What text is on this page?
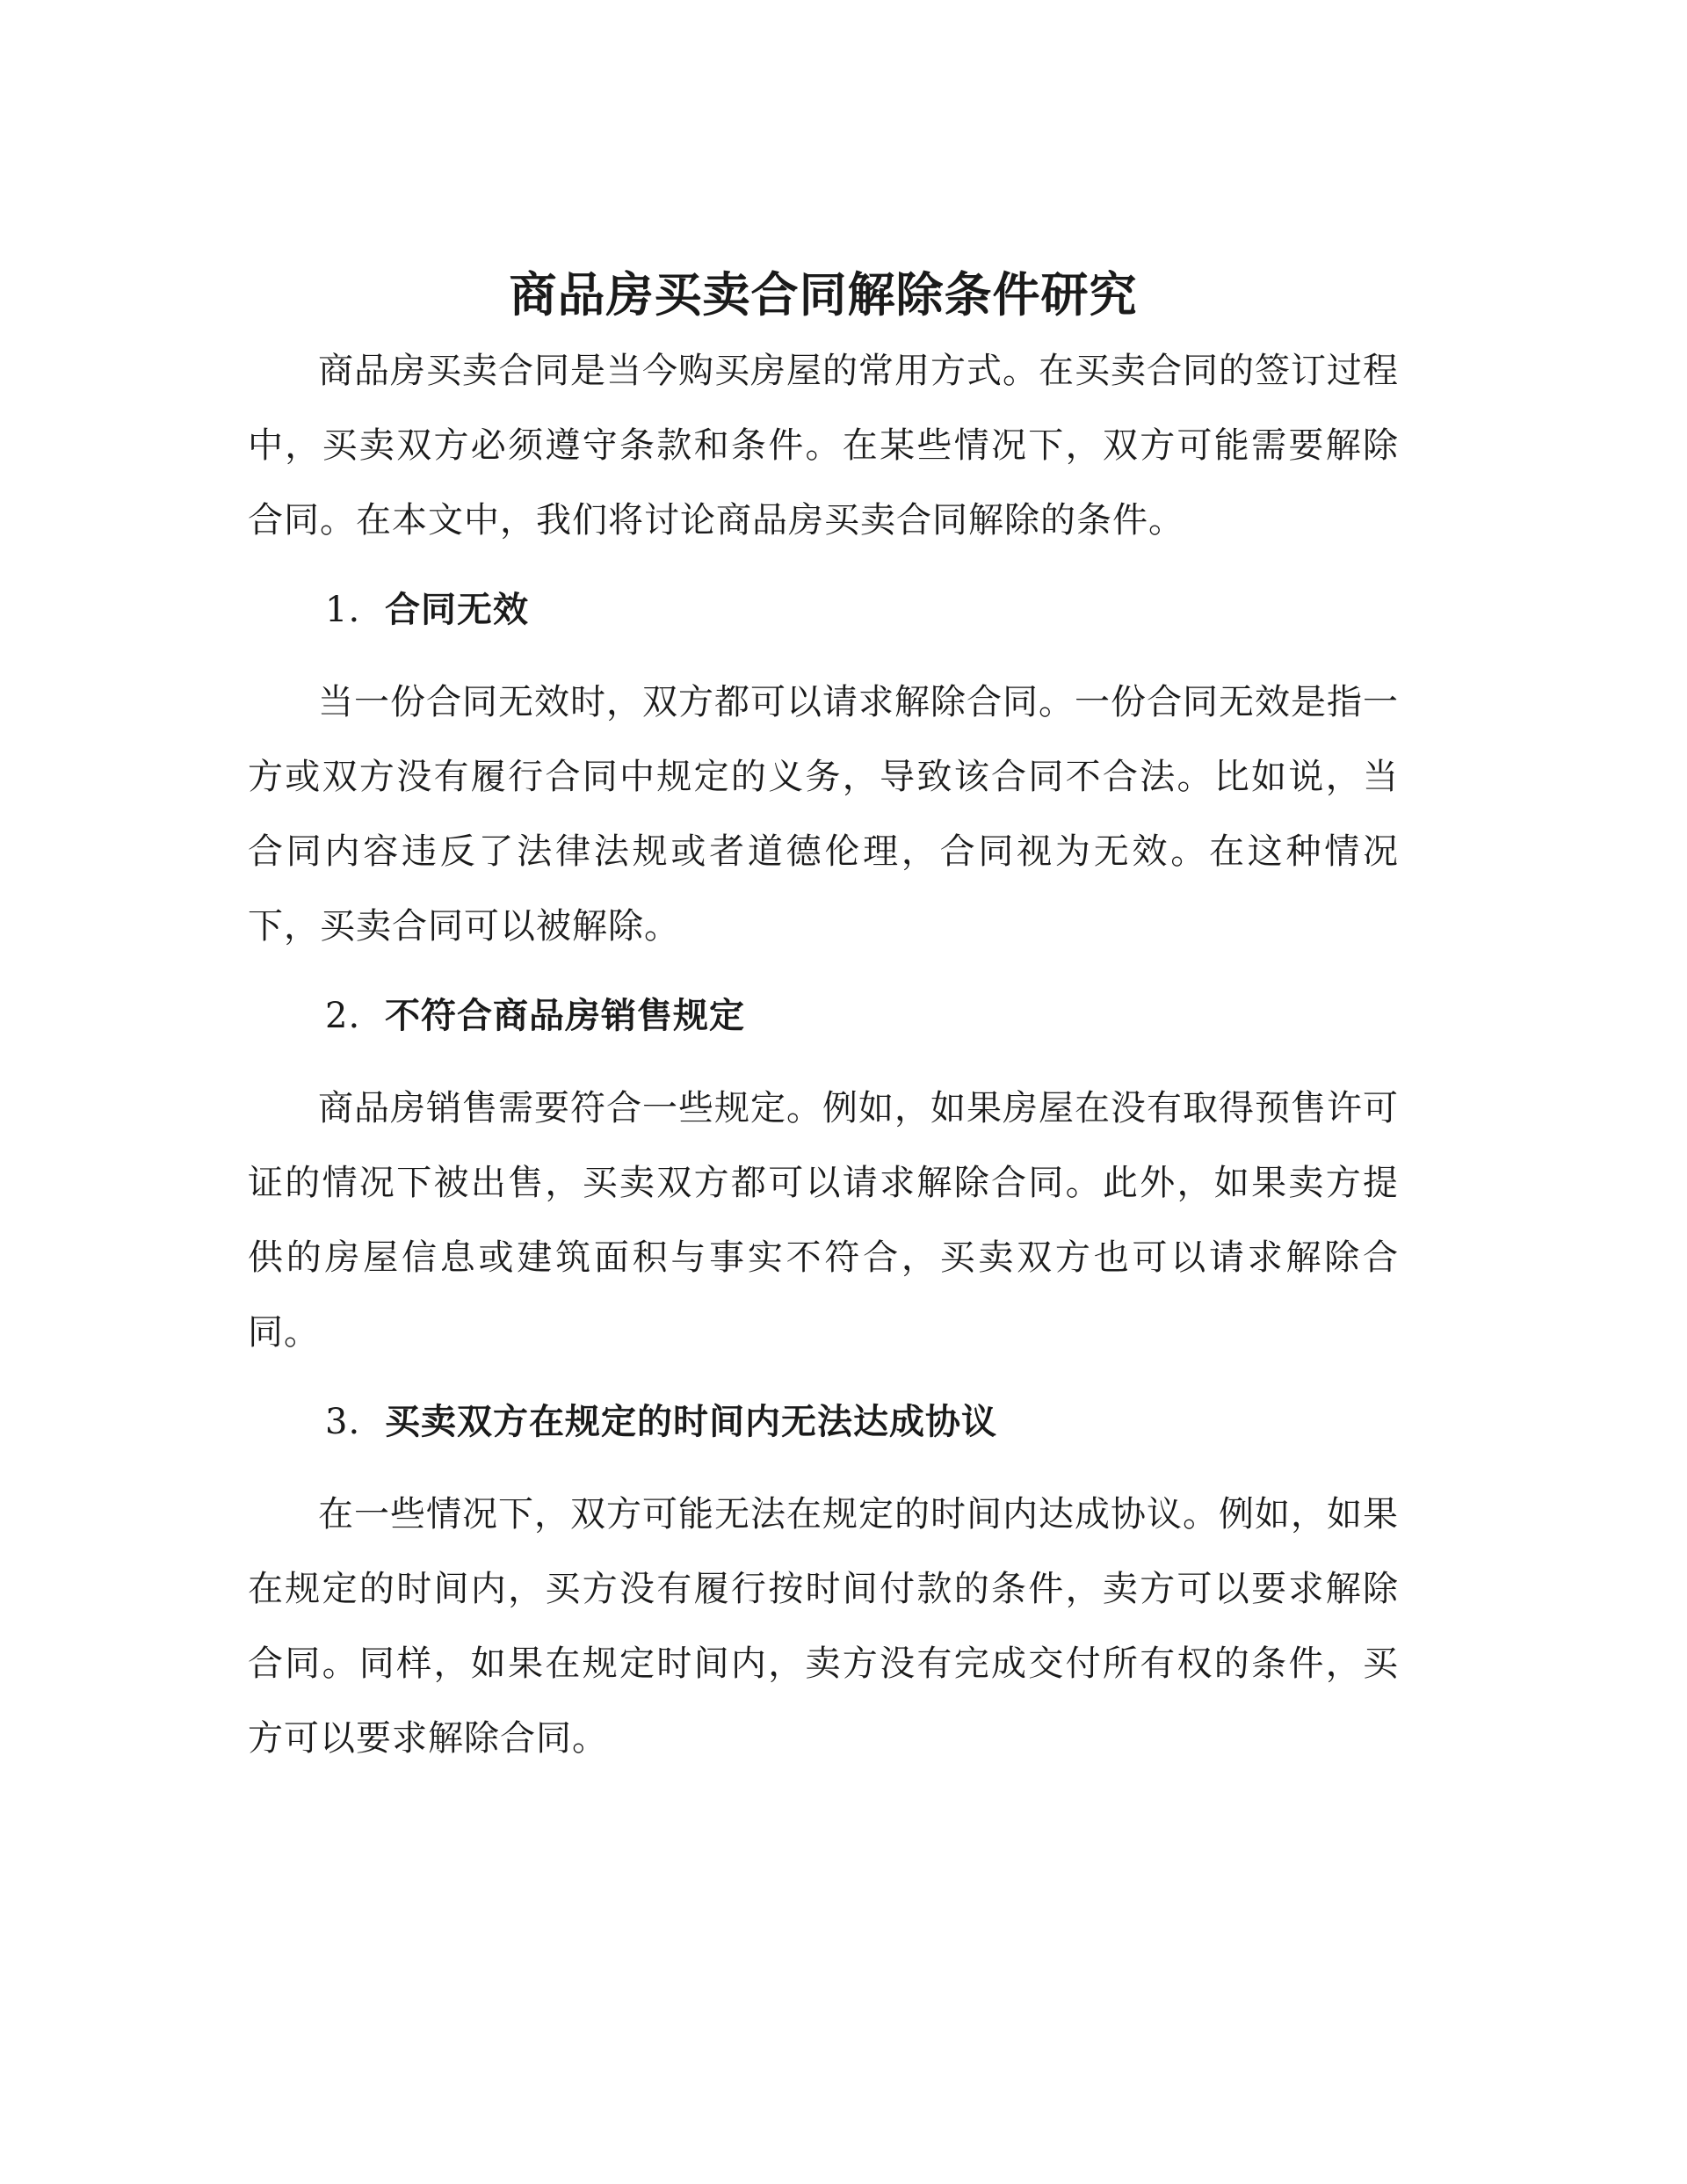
商品房买卖合同解除条件研究

商品房买卖合同是当今购买房屋的常用方式。在买卖合同的签订过程中，买卖双方必须遵守条款和条件。在某些情况下，双方可能需要解除合同。在本文中，我们将讨论商品房买卖合同解除的条件。

1. 合同无效

当一份合同无效时，双方都可以请求解除合同。一份合同无效是指一方或双方没有履行合同中规定的义务，导致该合同不合法。比如说，当合同内容违反了法律法规或者道德伦理，合同视为无效。在这种情况下，买卖合同可以被解除。

2. 不符合商品房销售规定

商品房销售需要符合一些规定。例如，如果房屋在没有取得预售许可证的情况下被出售，买卖双方都可以请求解除合同。此外，如果卖方提供的房屋信息或建筑面积与事实不符合，买卖双方也可以请求解除合同。

3. 买卖双方在规定的时间内无法达成协议

在一些情况下，双方可能无法在规定的时间内达成协议。例如，如果在规定的时间内，买方没有履行按时间付款的条件，卖方可以要求解除合同。同样，如果在规定时间内，卖方没有完成交付所有权的条件，买方可以要求解除合同。
